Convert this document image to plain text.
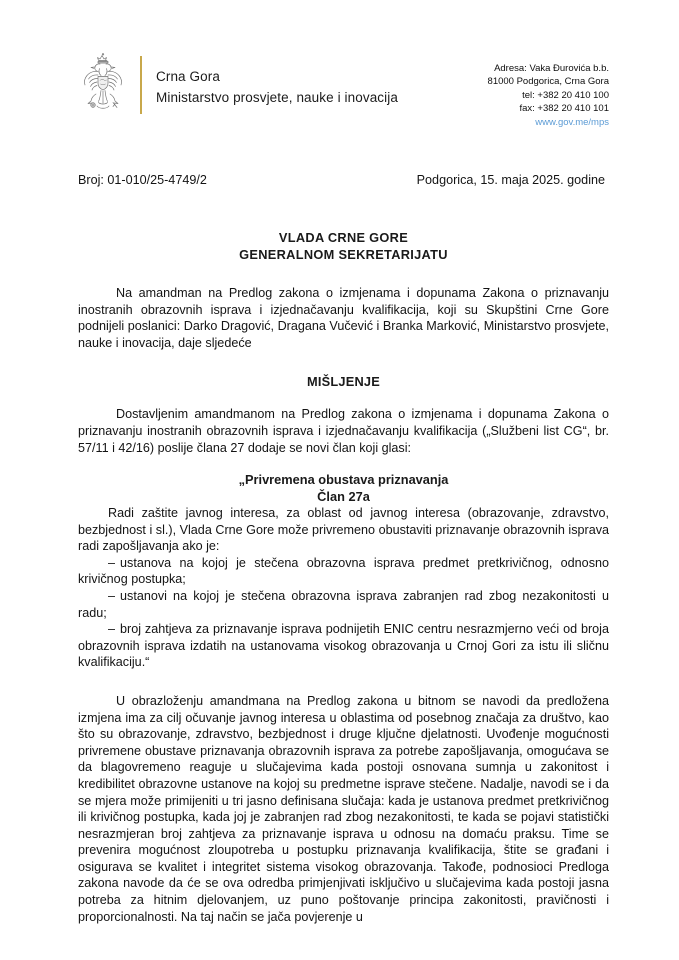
Crna Gora
Ministarstvo prosvjete, nauke i inovacija
Adresa: Vaka Đurovića b.b.
81000 Podgorica, Crna Gora
tel: +382 20 410 100
fax: +382 20 410 101
www.gov.me/mps
Broj: 01-010/25-4749/2	Podgorica, 15. maja 2025. godine
VLADA CRNE GORE
GENERALNOM SEKRETARIJATU

Na amandman na Predlog zakona o izmjenama i dopunama Zakona o priznavanju inostranih obrazovnih isprava i izjednačavanju kvalifikacija, koji su Skupštini Crne Gore podnijeli poslanici: Darko Dragović, Dragana Vučević i Branka Marković, Ministarstvo prosvjete, nauke i inovacija, daje sljedeće

MIŠLJENJE

Dostavljenim amandmanom na Predlog zakona o izmjenama i dopunama Zakona o priznavanju inostranih obrazovnih isprava i izjednačavanju kvalifikacija („Službeni list CG“, br. 57/11 i 42/16) poslije člana 27 dodaje se novi član koji glasi:

„Privremena obustava priznavanja

Član 27a

Radi zaštite javnog interesa, za oblast od javnog interesa (obrazovanje, zdravstvo, bezbjednost i sl.), Vlada Crne Gore može privremeno obustaviti priznavanje obrazovnih isprava radi zapošljavanja ako je:

– ustanova na kojoj je stečena obrazovna isprava predmet pretkrivičnog, odnosno krivičnog postupka;

– ustanovi na kojoj je stečena obrazovna isprava zabranjen rad zbog nezakonitosti u radu;

– broj zahtjeva za priznavanje isprava podnijetih ENIC centru nesrazmjerno veći od broja obrazovnih isprava izdatih na ustanovama visokog obrazovanja u Crnoj Gori za istu ili sličnu kvalifikaciju.“

U obrazloženju amandmana na Predlog zakona u bitnom se navodi da predložena izmjena ima za cilj očuvanje javnog interesa u oblastima od posebnog značaja za društvo, kao što su obrazovanje, zdravstvo, bezbjednost i druge ključne djelatnosti. Uvođenje mogućnosti privremene obustave priznavanja obrazovnih isprava za potrebe zapošljavanja, omogućava se da blagovremeno reaguje u slučajevima kada postoji osnovana sumnja u zakonitost i kredibilitet obrazovne ustanove na kojoj su predmetne isprave stečene. Nadalje, navodi se i da se mjera može primijeniti u tri jasno definisana slučaja: kada je ustanova predmet pretkrivičnog ili krivičnog postupka, kada joj je zabranjen rad zbog nezakonitosti, te kada se pojavi statistički nesrazmjeran broj zahtjeva za priznavanje isprava u odnosu na domaću praksu. Time se prevenira mogućnost zloupotreba u postupku priznavanja kvalifikacija, štite se građani i osigurava se kvalitet i integritet sistema visokog obrazovanja. Takođe, podnosioci Predloga zakona navode da će se ova odredba primjenjivati isključivo u slučajevima kada postoji jasna potreba za hitnim djelovanjem, uz puno poštovanje principa zakonitosti, pravičnosti i proporcionalnosti. Na taj način se jača povjerenje u
